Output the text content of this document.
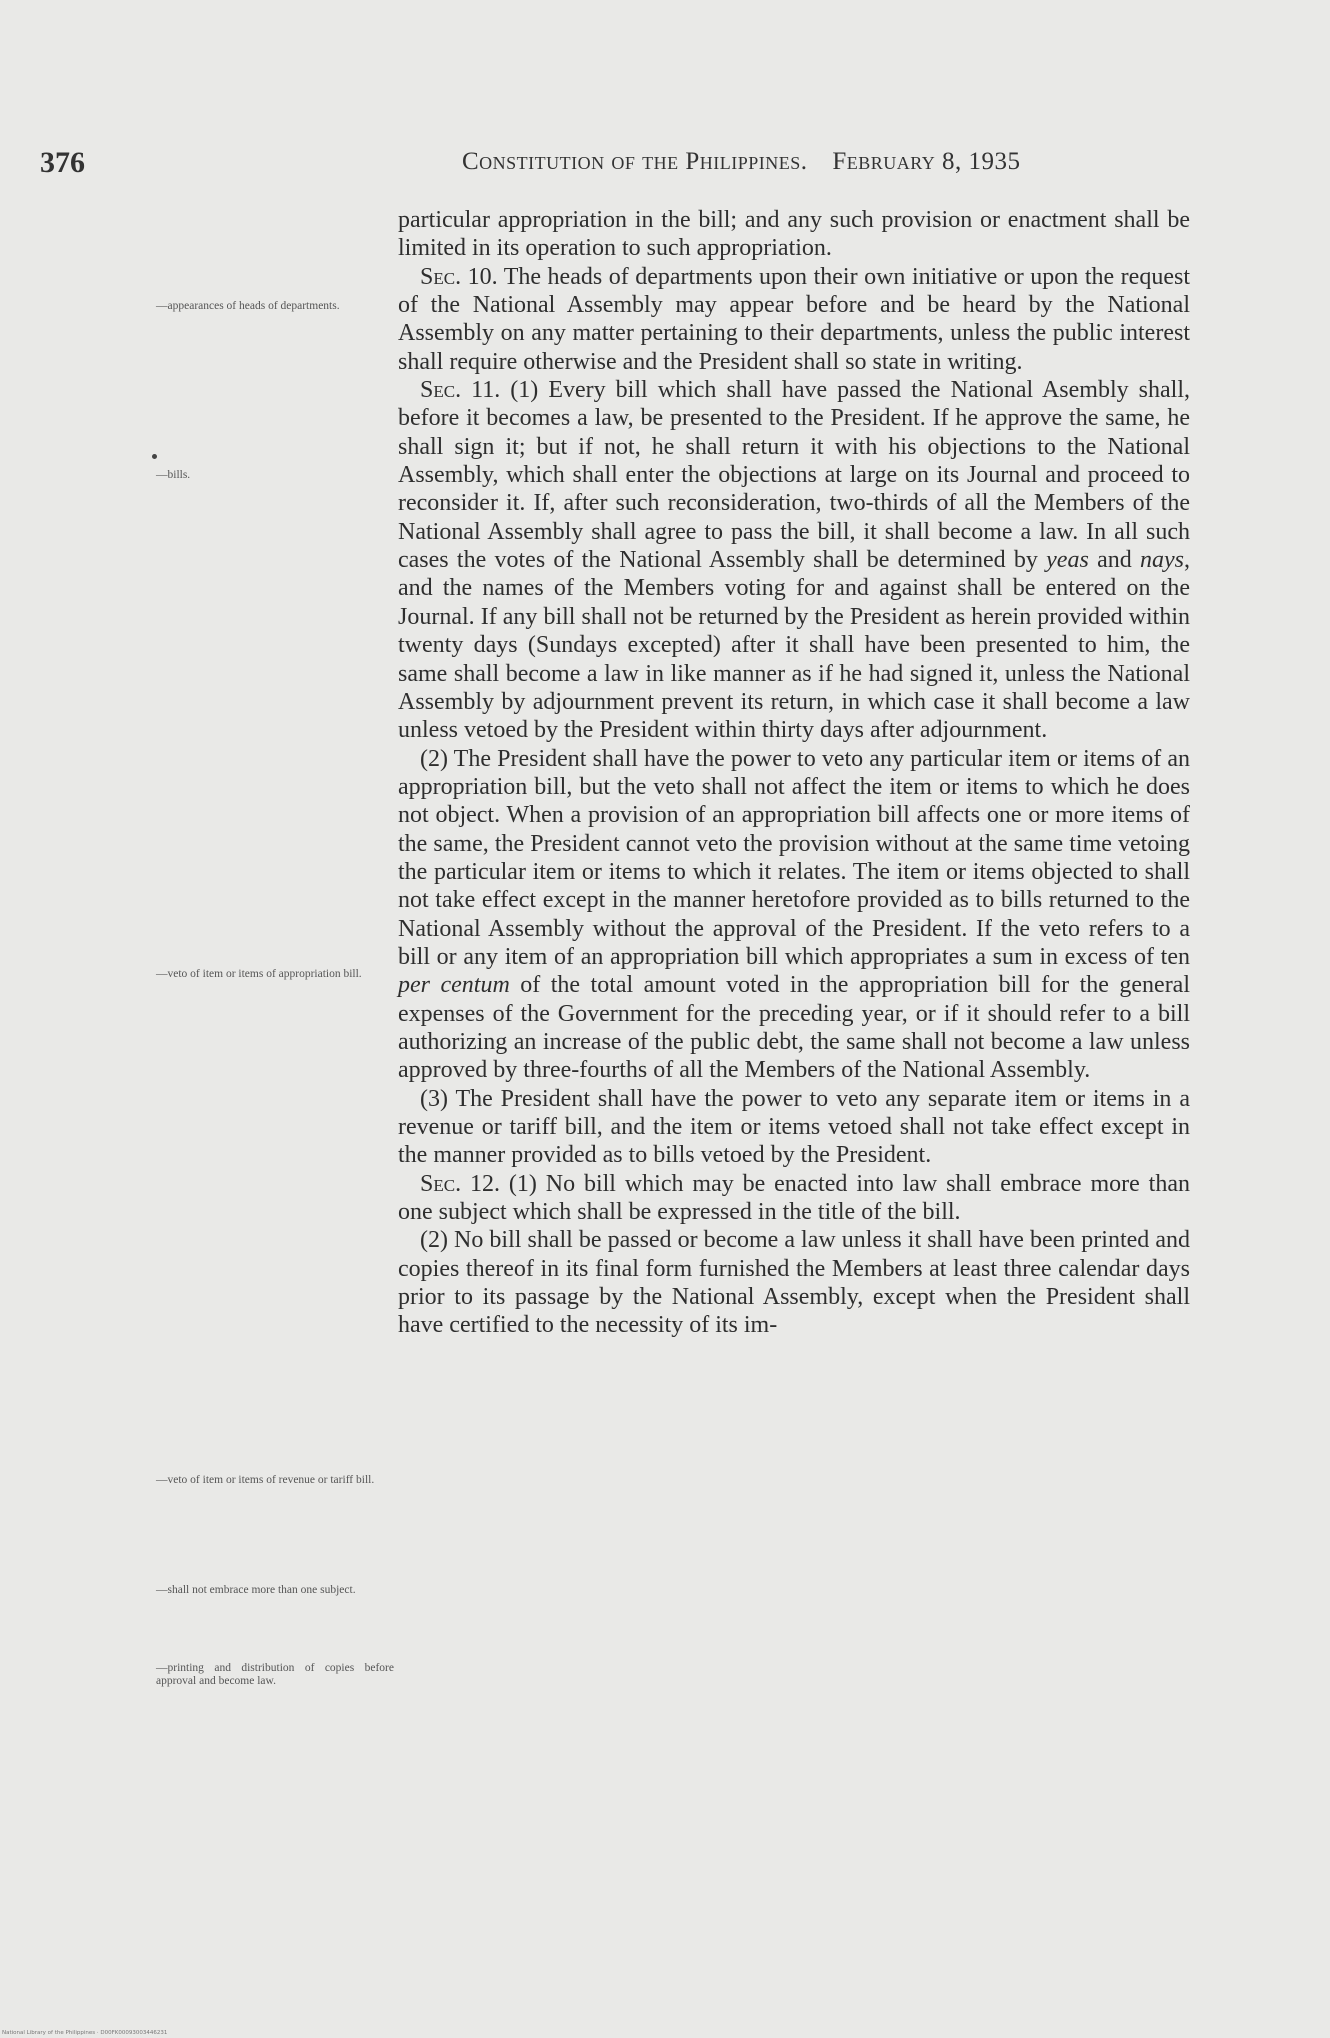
376	Constitution of the Philippines. February 8, 1935
—appearances of heads of departments.
—bills.
—veto of item or items of appropriation bill.
—veto of item or items of revenue or tariff bill.
—shall not embrace more than one subject.
—printing and distribution of copies before approval and become law.

particular appropriation in the bill; and any such provision or enactment shall be limited in its operation to such appropriation.

Sec. 10. The heads of departments upon their own initiative or upon the request of the National Assembly may appear before and be heard by the National Assembly on any matter pertaining to their departments, unless the public interest shall require otherwise and the President shall so state in writing.

Sec. 11. (1) Every bill which shall have passed the National Asembly shall, before it becomes a law, be presented to the President. If he approve the same, he shall sign it; but if not, he shall return it with his objections to the National Assembly, which shall enter the objections at large on its Journal and proceed to reconsider it. If, after such reconsideration, two-thirds of all the Members of the National Assembly shall agree to pass the bill, it shall become a law. In all such cases the votes of the National Assembly shall be determined by yeas and nays, and the names of the Members voting for and against shall be entered on the Journal. If any bill shall not be returned by the President as herein provided within twenty days (Sundays excepted) after it shall have been presented to him, the same shall become a law in like manner as if he had signed it, unless the National Assembly by adjournment prevent its return, in which case it shall become a law unless vetoed by the President within thirty days after adjournment.

(2) The President shall have the power to veto any particular item or items of an appropriation bill, but the veto shall not affect the item or items to which he does not object. When a provision of an appropriation bill affects one or more items of the same, the President cannot veto the provision without at the same time vetoing the particular item or items to which it relates. The item or items objected to shall not take effect except in the manner heretofore provided as to bills returned to the National Assembly without the approval of the President. If the veto refers to a bill or any item of an appropriation bill which appropriates a sum in excess of ten per centum of the total amount voted in the appropriation bill for the general expenses of the Government for the preceding year, or if it should refer to a bill authorizing an increase of the public debt, the same shall not become a law unless approved by three-fourths of all the Members of the National Assembly.

(3) The President shall have the power to veto any separate item or items in a revenue or tariff bill, and the item or items vetoed shall not take effect except in the manner provided as to bills vetoed by the President.

Sec. 12. (1) No bill which may be enacted into law shall embrace more than one subject which shall be expressed in the title of the bill.

(2) No bill shall be passed or become a law unless it shall have been printed and copies thereof in its final form furnished the Members at least three calendar days prior to its passage by the National Assembly, except when the President shall have certified to the necessity of its im-

National Library of the Philippines · D00FK00093003446231
